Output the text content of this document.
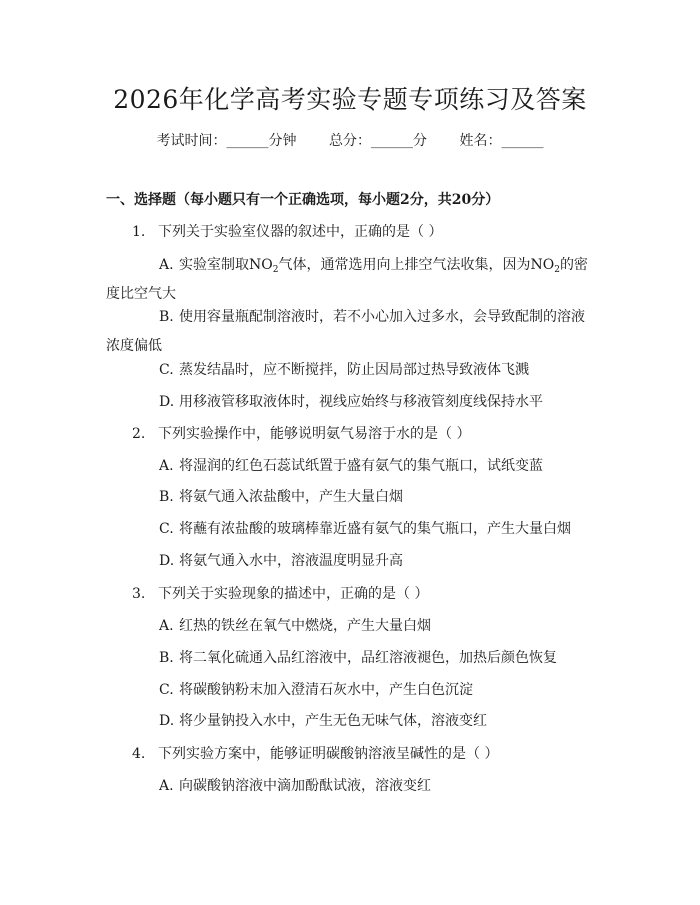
2026年化学高考实验专题专项练习及答案
考试时间：______分钟 总分：______分 姓名：______
一、选择题（每小题只有一个正确选项，每小题2分，共20分）
1. 下列关于实验室仪器的叙述中，正确的是（ ）
A. 实验室制取$NO_2$气体，通常选用向上排空气法收集，因为$NO_2$的密度比空气大
B. 使用容量瓶配制溶液时，若不小心加入过多水，会导致配制的溶液浓度偏低
C. 蒸发结晶时，应不断搅拌，防止因局部过热导致液体飞溅
D. 用移液管移取液体时，视线应始终与移液管刻度线保持水平
2. 下列实验操作中，能够说明氨气易溶于水的是（ ）
A. 将湿润的红色石蕊试纸置于盛有氨气的集气瓶口，试纸变蓝
B. 将氨气通入浓盐酸中，产生大量白烟
C. 将蘸有浓盐酸的玻璃棒靠近盛有氨气的集气瓶口，产生大量白烟
D. 将氨气通入水中，溶液温度明显升高
3. 下列关于实验现象的描述中，正确的是（ ）
A. 红热的铁丝在氧气中燃烧，产生大量白烟
B. 将二氧化硫通入品红溶液中，品红溶液褪色，加热后颜色恢复
C. 将碳酸钠粉末加入澄清石灰水中，产生白色沉淀
D. 将少量钠投入水中，产生无色无味气体，溶液变红
4. 下列实验方案中，能够证明碳酸钠溶液呈碱性的是（ ）
A. 向碳酸钠溶液中滴加酚酞试液，溶液变红
